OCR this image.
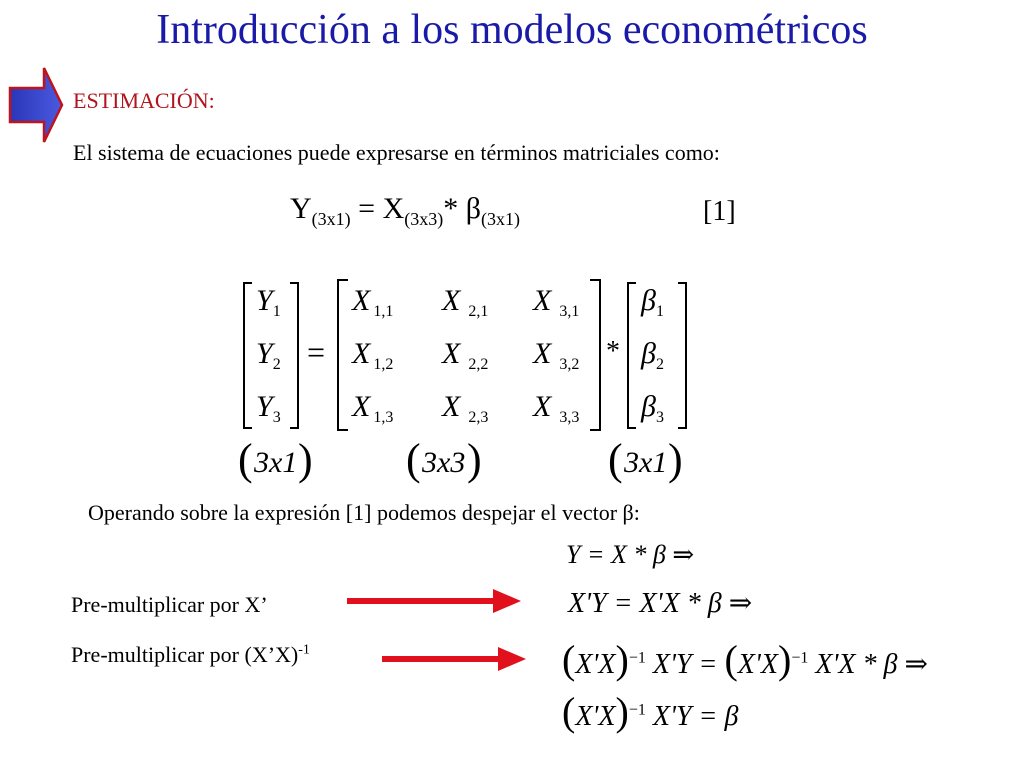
Introducción a los modelos econométricos
ESTIMACIÓN:
El sistema de ecuaciones puede expresarse en términos matriciales como:
$Y_{(3x1)} = X_{(3x3)}*$ $\beta_{(3x1)}$	[1]
$Y_1$
$Y_2$
$Y_3$
=
X $_{1,1}$ X $_{2,1}$ X $_{3,1}$
X $_{1,2}$ X $_{2,2}$ X $_{3,2}$
X $_{1,3}$ X $_{2,3}$ X $_{3,3}$
*
$\beta_1$
$\beta_2$
$\beta_3$
( 3x1 ) ( 3x3 )	( 3x1 )
Operando sobre la expresión [1] podemos despejar el vector β:
Y = X * β ⇒
Pre-multiplicar por X’	X'Y = X'X * β ⇒
Pre-multiplicar por (X’X)$^{-1}$	$(X'X)^{-1}$ $X'Y = (X'X)^{-1}$ X'X * β ⇒
$(X'X)^{-1}$ X'Y = β
